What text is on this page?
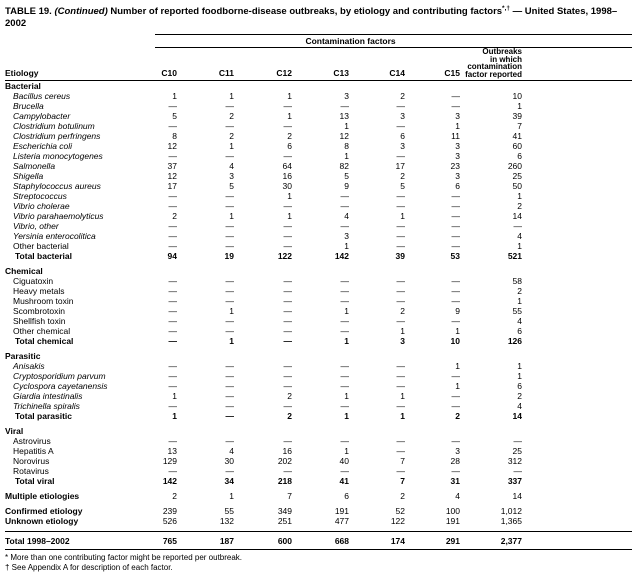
TABLE 19. (Continued) Number of reported foodborne-disease outbreaks, by etiology and contributing factors*,† — United States, 1998–2002
	Contamination factors							
Etiology	C10	C11	C12	C13	C14	C15	Outbreaks
in which
contamination
factor reported	

Bacterial								
Bacillus cereus	1	1	1	3	2	—	10	
Brucella	—	—	—	—	—	—	1	
Campylobacter	5	2	1	13	3	3	39	
Clostridium botulinum	—	—	—	1	—	1	7	
Clostridium perfringens	8	2	2	12	6	11	41	
Escherichia coli	12	1	6	8	3	3	60	
Listeria monocytogenes	—	—	—	1	—	3	6	
Salmonella	37	4	64	82	17	23	260	
Shigella	12	3	16	5	2	3	25	
Staphylococcus aureus	17	5	30	9	5	6	50	
Streptococcus	—	—	1	—	—	—	1	
Vibrio cholerae	—	—	—	—	—	—	2	
Vibrio parahaemolyticus	2	1	1	4	1	—	14	
Vibrio, other	—	—	—	—	—	—	—	
Yersinia enterocolitica	—	—	—	3	—	—	4	
Other bacterial	—	—	—	1	—	—	1	
Total bacterial	94	19	122	142	39	53	521	

Chemical								
Ciguatoxin	—	—	—	—	—	—	58	
Heavy metals	—	—	—	—	—	—	2	
Mushroom toxin	—	—	—	—	—	—	1	
Scombrotoxin	—	1	—	1	2	9	55	
Shellfish toxin	—	—	—	—	—	—	4	
Other chemical	—	—	—	—	1	1	6	
Total chemical	—	1	—	1	3	10	126	

Parasitic								
Anisakis	—	—	—	—	—	1	1	
Cryptosporidium parvum	—	—	—	—	—	—	1	
Cyclospora cayetanensis	—	—	—	—	—	1	6	
Giardia intestinalis	1	—	2	1	1	—	2	
Trichinella spiralis	—	—	—	—	—	—	4	
Total parasitic	1	—	2	1	1	2	14	

Viral								
Astrovirus	—	—	—	—	—	—	—	
Hepatitis A	13	4	16	1	—	3	25	
Norovirus	129	30	202	40	7	28	312	
Rotavirus	—	—	—	—	—	—	—	
Total viral	142	34	218	41	7	31	337	

Multiple etiologies	2	1	7	6	2	4	14	

Confirmed etiology	239	55	349	191	52	100	1,012	
Unknown etiology	526	132	251	477	122	191	1,365	

Total 1998–2002	765	187	600	668	174	291	2,377	
* More than one contributing factor might be reported per outbreak.
† See Appendix A for description of each factor.
